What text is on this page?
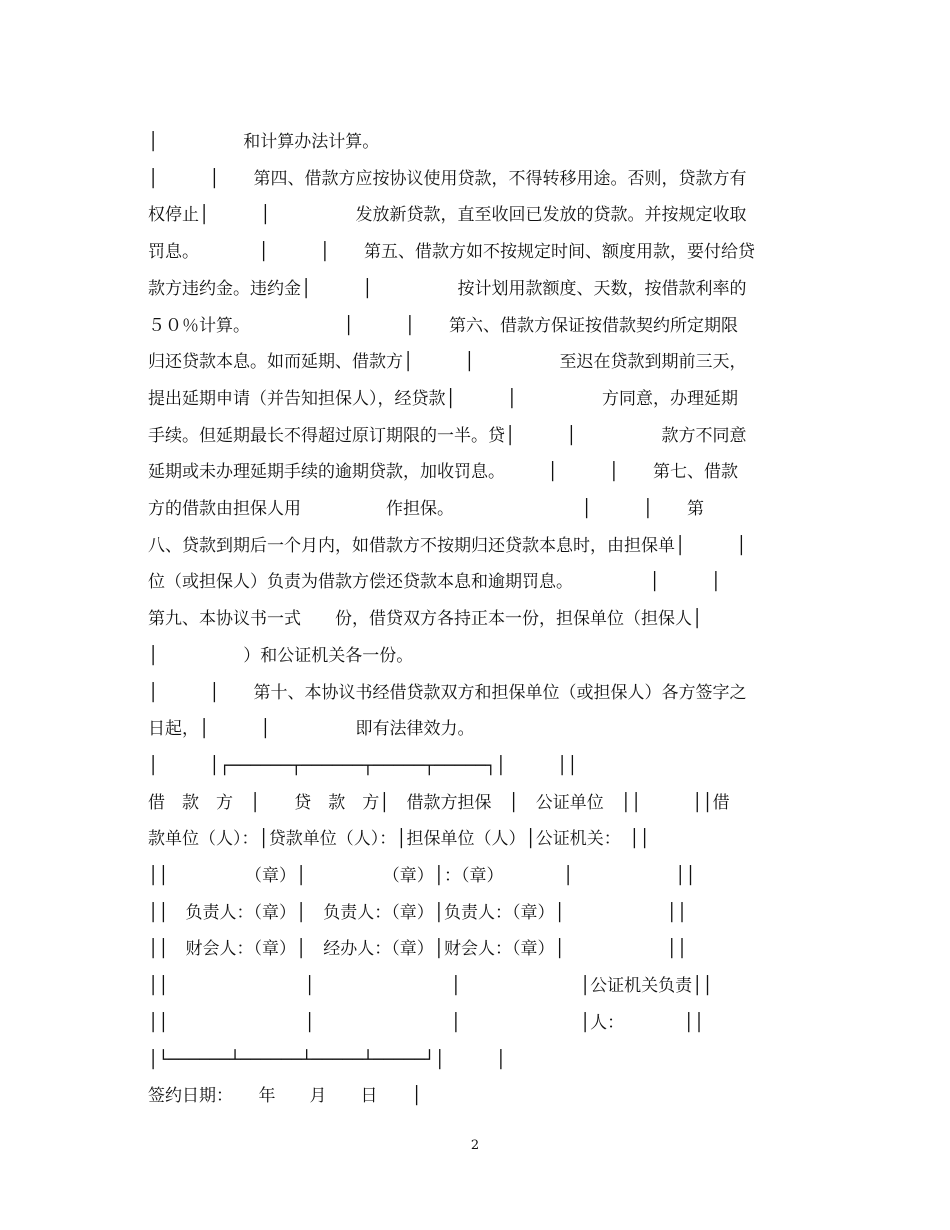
│　　　　　和计算办法计算。
│　　　│　　第四、借款方应按协议使用贷款，不得转移用途。否则，贷款方有
权停止│　　　│　　　　　发放新贷款，直至收回已发放的贷款。并按规定收取
罚息。　　　　│　　　│　　第五、借款方如不按规定时间、额度用款，要付给贷
款方违约金。违约金│　　　│　　　　　按计划用款额度、天数，按借款利率的
５０％计算。　　　　　　│　　　│　　第六、借款方保证按借款契约所定期限
归还贷款本息。如而延期、借款方│　　　│　　　　　至迟在贷款到期前三天，
提出延期申请（并告知担保人），经贷款│　　　│　　　　　方同意，办理延期
手续。但延期最长不得超过原订期限的一半。贷│　　　│　　　　　款方不同意
延期或未办理延期手续的逾期贷款，加收罚息。　　　│　　　│　　第七、借款
方的借款由担保人用　　　　　作担保。　　　　　　　　│　　　│　　第
八、贷款到期后一个月内，如借款方不按期归还贷款本息时，由担保单│　　　│
位（或担保人）负责为借款方偿还贷款本息和逾期罚息。　　　　　│　　　│
第九、本协议书一式　　份，借贷双方各持正本一份，担保单位（担保人│
│　　　　　）和公证机关各一份。
│　　　│　　第十、本协议书经借贷款双方和担保单位（或担保人）各方签字之
日起，│　　　│　　　　　即有法律效力。
│　　　│┌──────┬──────┬─────┬─────┐│　　　││
借　款　方　│　　贷　款　方│　借款方担保　│　公证单位　││　　　││借
款单位（人）：│贷款单位（人）：│担保单位（人）│公证机关：　││
││　　　　　（章）│　　　　　（章）│：（章）　　　　│　　　　　　││
││　负责人：（章）│　负责人：（章）│负责人：（章）│　　　　　　││
││　财会人：（章）│　经办人：（章）│财会人：（章）│　　　　　　││
││　　　　　　　　│　　　　　　　　│　　　　　　　│公证机关负责││
││　　　　　　　　│　　　　　　　　│　　　　　　　│人：　　　　││
│└──────┴──────┴─────┴─────┘│　　　│
签约日期：　　年　　月　　日　　│
2
